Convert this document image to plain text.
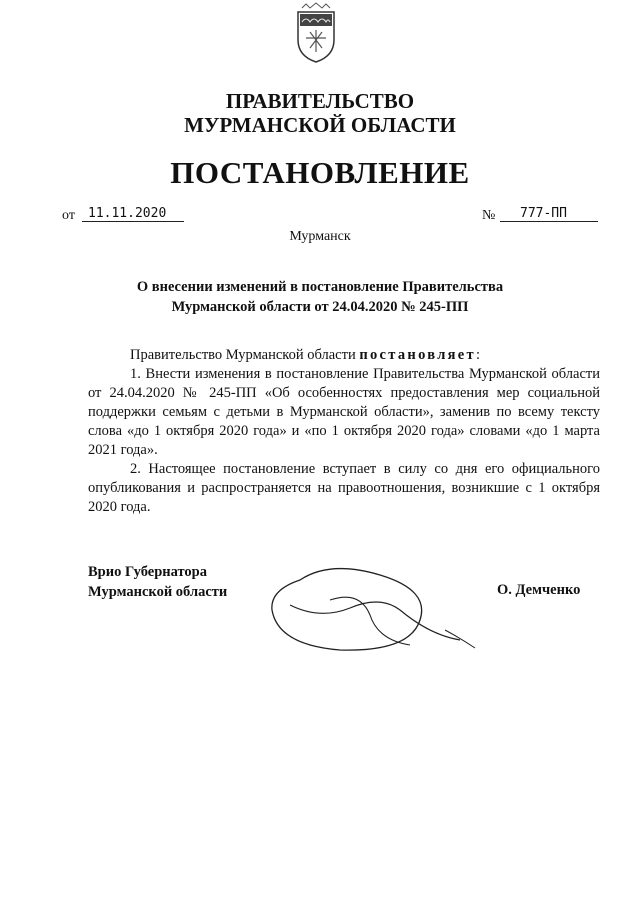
ПРАВИТЕЛЬСТВО
МУРМАНСКОЙ ОБЛАСТИ
ПОСТАНОВЛЕНИЕ
от	11.11.2020	№	777-ПП
Мурманск
О внесении изменений в постановление Правительства
Мурманской области от 24.04.2020 № 245-ПП

Правительство Мурманской области постановляет:

1. Внести изменения в постановление Правительства Мурманской области от 24.04.2020 № 245-ПП «Об особенностях предоставления мер социальной поддержки семьям с детьми в Мурманской области», заменив по всему тексту слова «до 1 октября 2020 года» и «по 1 октября 2020 года» словами «до 1 марта 2021 года».

2. Настоящее постановление вступает в силу со дня его официального опубликования и распространяется на правоотношения, возникшие с 1 октября 2020 года.

Врио Губернатора
Мурманской области	О. Демченко
